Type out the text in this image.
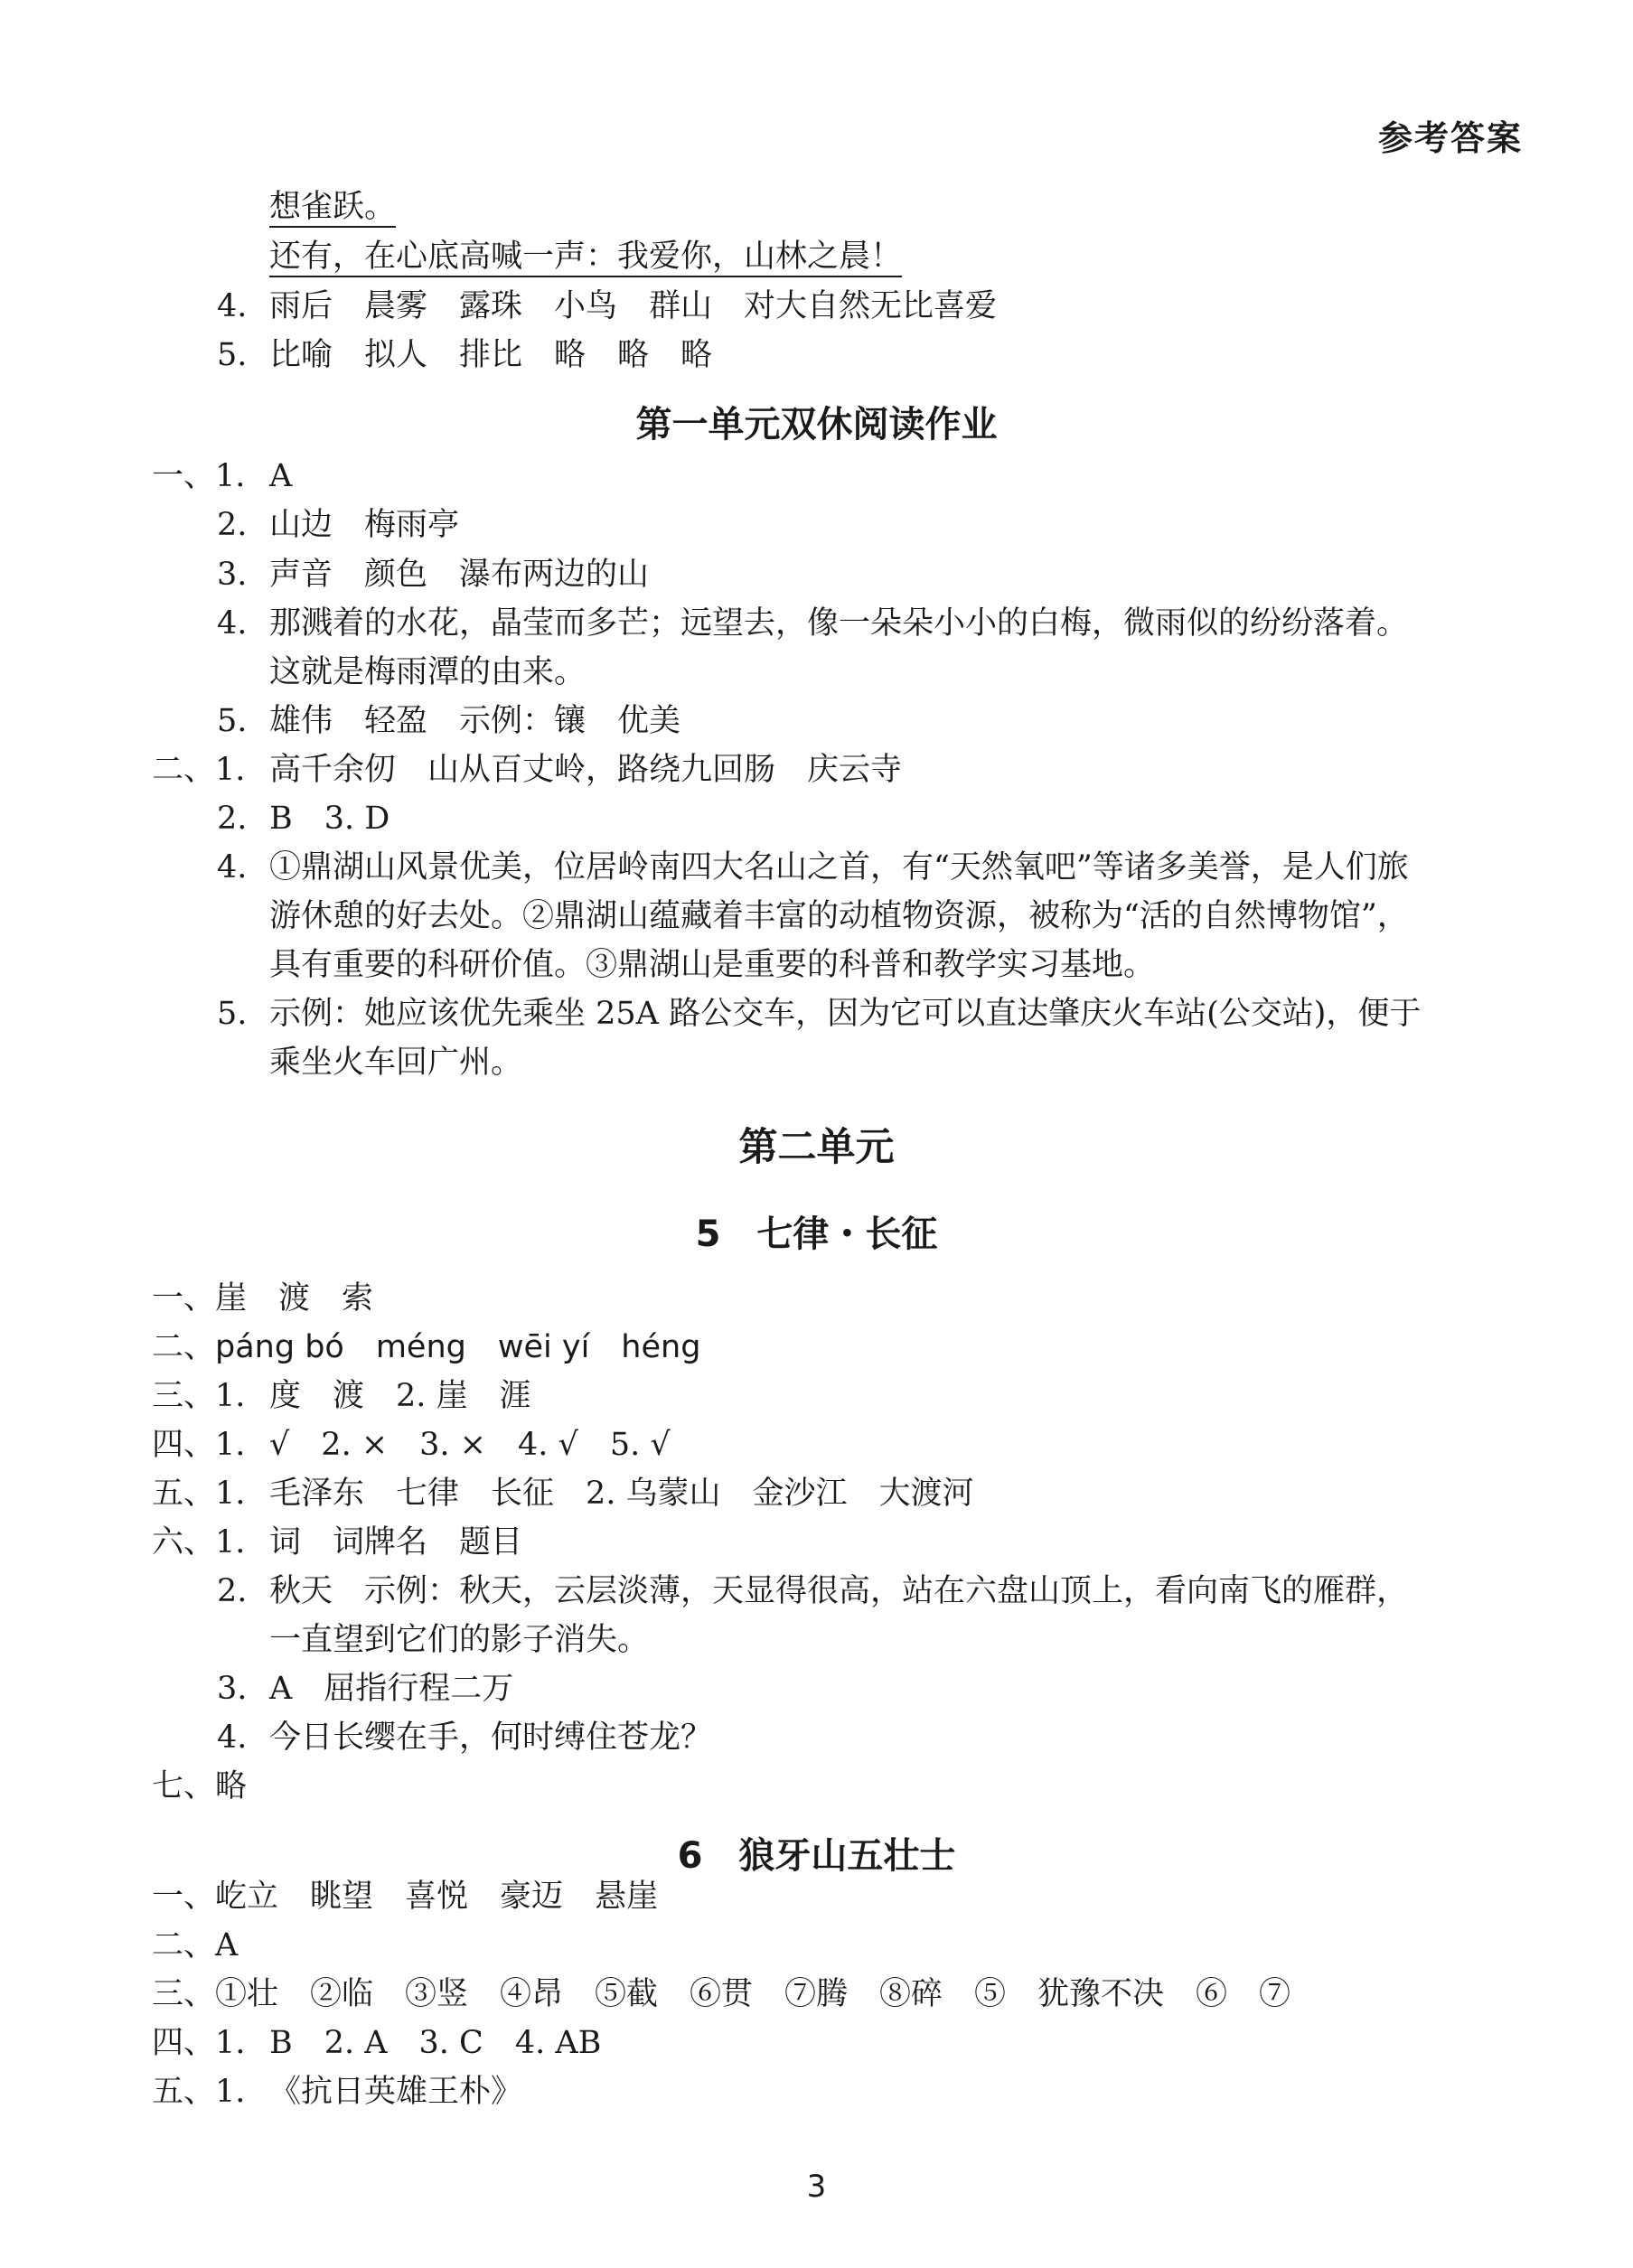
参考答案
想雀跃。
还有，在心底高喊一声：我爱你，山林之晨！
4. 雨后　晨雾　露珠　小鸟　群山　对大自然无比喜爱
5. 比喻　拟人　排比　略　略　略
第一单元双休阅读作业
一、1. A
2. 山边　梅雨亭
3. 声音　颜色　瀑布两边的山
4. 那溅着的水花，晶莹而多芒；远望去，像一朵朵小小的白梅，微雨似的纷纷落着。
这就是梅雨潭的由来。
5. 雄伟　轻盈　示例：镶　优美
二、1. 高千余仞　山从百丈岭，路绕九回肠　庆云寺
2. B　3. D
4. ①鼎湖山风景优美，位居岭南四大名山之首，有“天然氧吧”等诸多美誉，是人们旅
游休憩的好去处。②鼎湖山蕴藏着丰富的动植物资源，被称为“活的自然博物馆”，
具有重要的科研价值。③鼎湖山是重要的科普和教学实习基地。
5. 示例：她应该优先乘坐 25A 路公交车，因为它可以直达肇庆火车站(公交站)，便于
乘坐火车回广州。
第二单元
5　七律・长征
一、 崖　渡　索
二、 páng bó　méng　wēi yí　héng
三、1. 度　渡　2. 崖　涯
四、1. √　2. ×　3. ×　4. √　5. √
五、1. 毛泽东　七律　长征　2. 乌蒙山　金沙江　大渡河
六、1. 词　词牌名　题目
2. 秋天　示例：秋天，云层淡薄，天显得很高，站在六盘山顶上，看向南飞的雁群，
一直望到它们的影子消失。
3. A　屈指行程二万
4. 今日长缨在手，何时缚住苍龙？
七、 略
6　狼牙山五壮士
一、 屹立　眺望　喜悦　豪迈　悬崖
二、 A
三、 ①壮　②临　③竖　④昂　⑤截　⑥贯　⑦腾　⑧碎　⑤　犹豫不决　⑥　⑦
四、1. B　2. A　3. C　4. AB
五、1. 《抗日英雄王朴》
3
